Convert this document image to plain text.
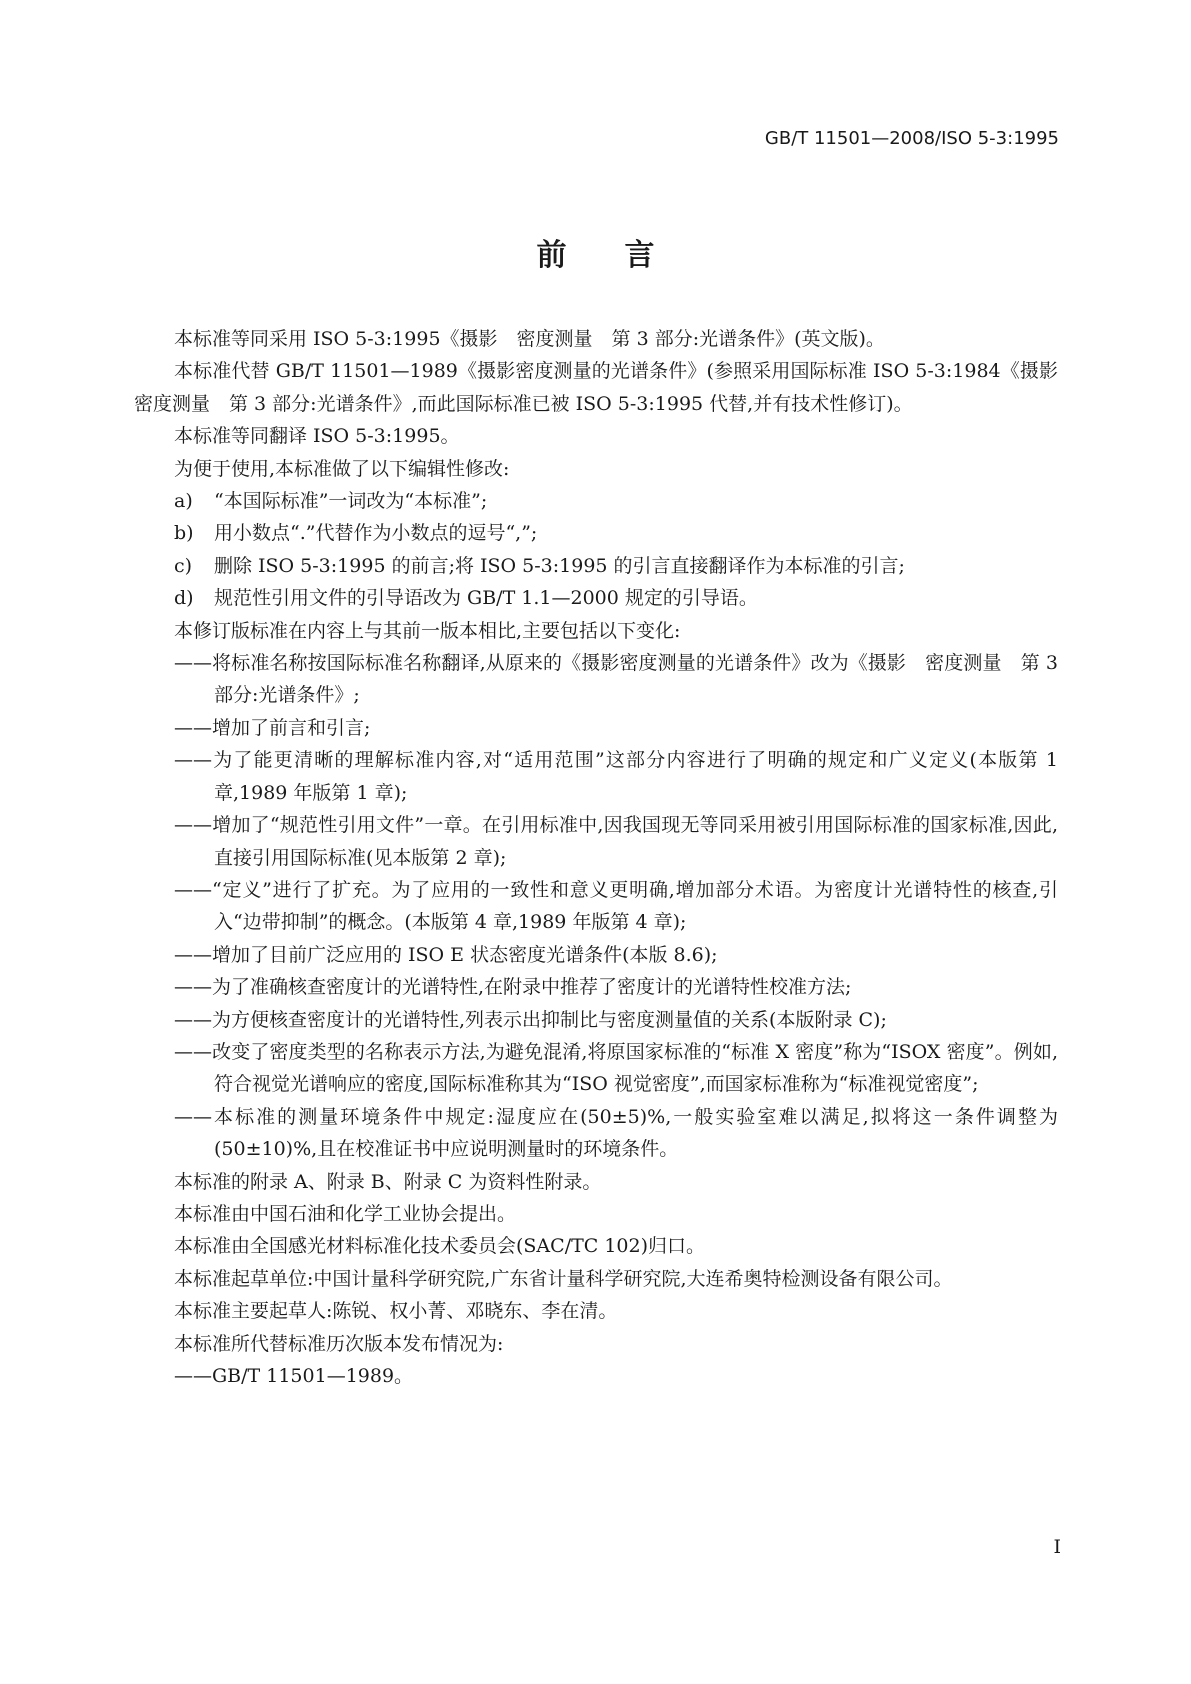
GB/T 11501—2008/ISO 5-3:1995
前言

本标准等同采用 ISO 5-3:1995《摄影　密度测量　第 3 部分:光谱条件》(英文版)。

本标准代替 GB/T 11501—1989《摄影密度测量的光谱条件》(参照采用国际标准 ISO 5-3:1984《摄影　密度测量　第 3 部分:光谱条件》,而此国际标准已被 ISO 5-3:1995 代替,并有技术性修订)。

本标准等同翻译 ISO 5-3:1995。

为便于使用,本标准做了以下编辑性修改:

a) “本国际标准”一词改为“本标准”;
b) 用小数点“.”代替作为小数点的逗号“,”;
c) 删除 ISO 5-3:1995 的前言;将 ISO 5-3:1995 的引言直接翻译作为本标准的引言;
d) 规范性引用文件的引导语改为 GB/T 1.1—2000 规定的引导语。

本修订版标准在内容上与其前一版本相比,主要包括以下变化:

——将标准名称按国际标准名称翻译,从原来的《摄影密度测量的光谱条件》改为《摄影　密度测量　第 3 部分:光谱条件》;

——增加了前言和引言;

——为了能更清晰的理解标准内容,对“适用范围”这部分内容进行了明确的规定和广义定义(本版第 1 章,1989 年版第 1 章);

——增加了“规范性引用文件”一章。在引用标准中,因我国现无等同采用被引用国际标准的国家标准,因此,直接引用国际标准(见本版第 2 章);

——“定义”进行了扩充。为了应用的一致性和意义更明确,增加部分术语。为密度计光谱特性的核查,引入“边带抑制”的概念。(本版第 4 章,1989 年版第 4 章);

——增加了目前广泛应用的 ISO E 状态密度光谱条件(本版 8.6);

——为了准确核查密度计的光谱特性,在附录中推荐了密度计的光谱特性校准方法;

——为方便核查密度计的光谱特性,列表示出抑制比与密度测量值的关系(本版附录 C);

——改变了密度类型的名称表示方法,为避免混淆,将原国家标准的“标准 X 密度”称为“ISOX 密度”。例如,符合视觉光谱响应的密度,国际标准称其为“ISO 视觉密度”,而国家标准称为“标准视觉密度”;

——本标准的测量环境条件中规定:湿度应在(50±5)%,一般实验室难以满足,拟将这一条件调整为(50±10)%,且在校准证书中应说明测量时的环境条件。

本标准的附录 A、附录 B、附录 C 为资料性附录。

本标准由中国石油和化学工业协会提出。

本标准由全国感光材料标准化技术委员会(SAC/TC 102)归口。

本标准起草单位:中国计量科学研究院,广东省计量科学研究院,大连希奥特检测设备有限公司。

本标准主要起草人:陈锐、权小菁、邓晓东、李在清。

本标准所代替标准历次版本发布情况为:

——GB/T 11501—1989。

I
